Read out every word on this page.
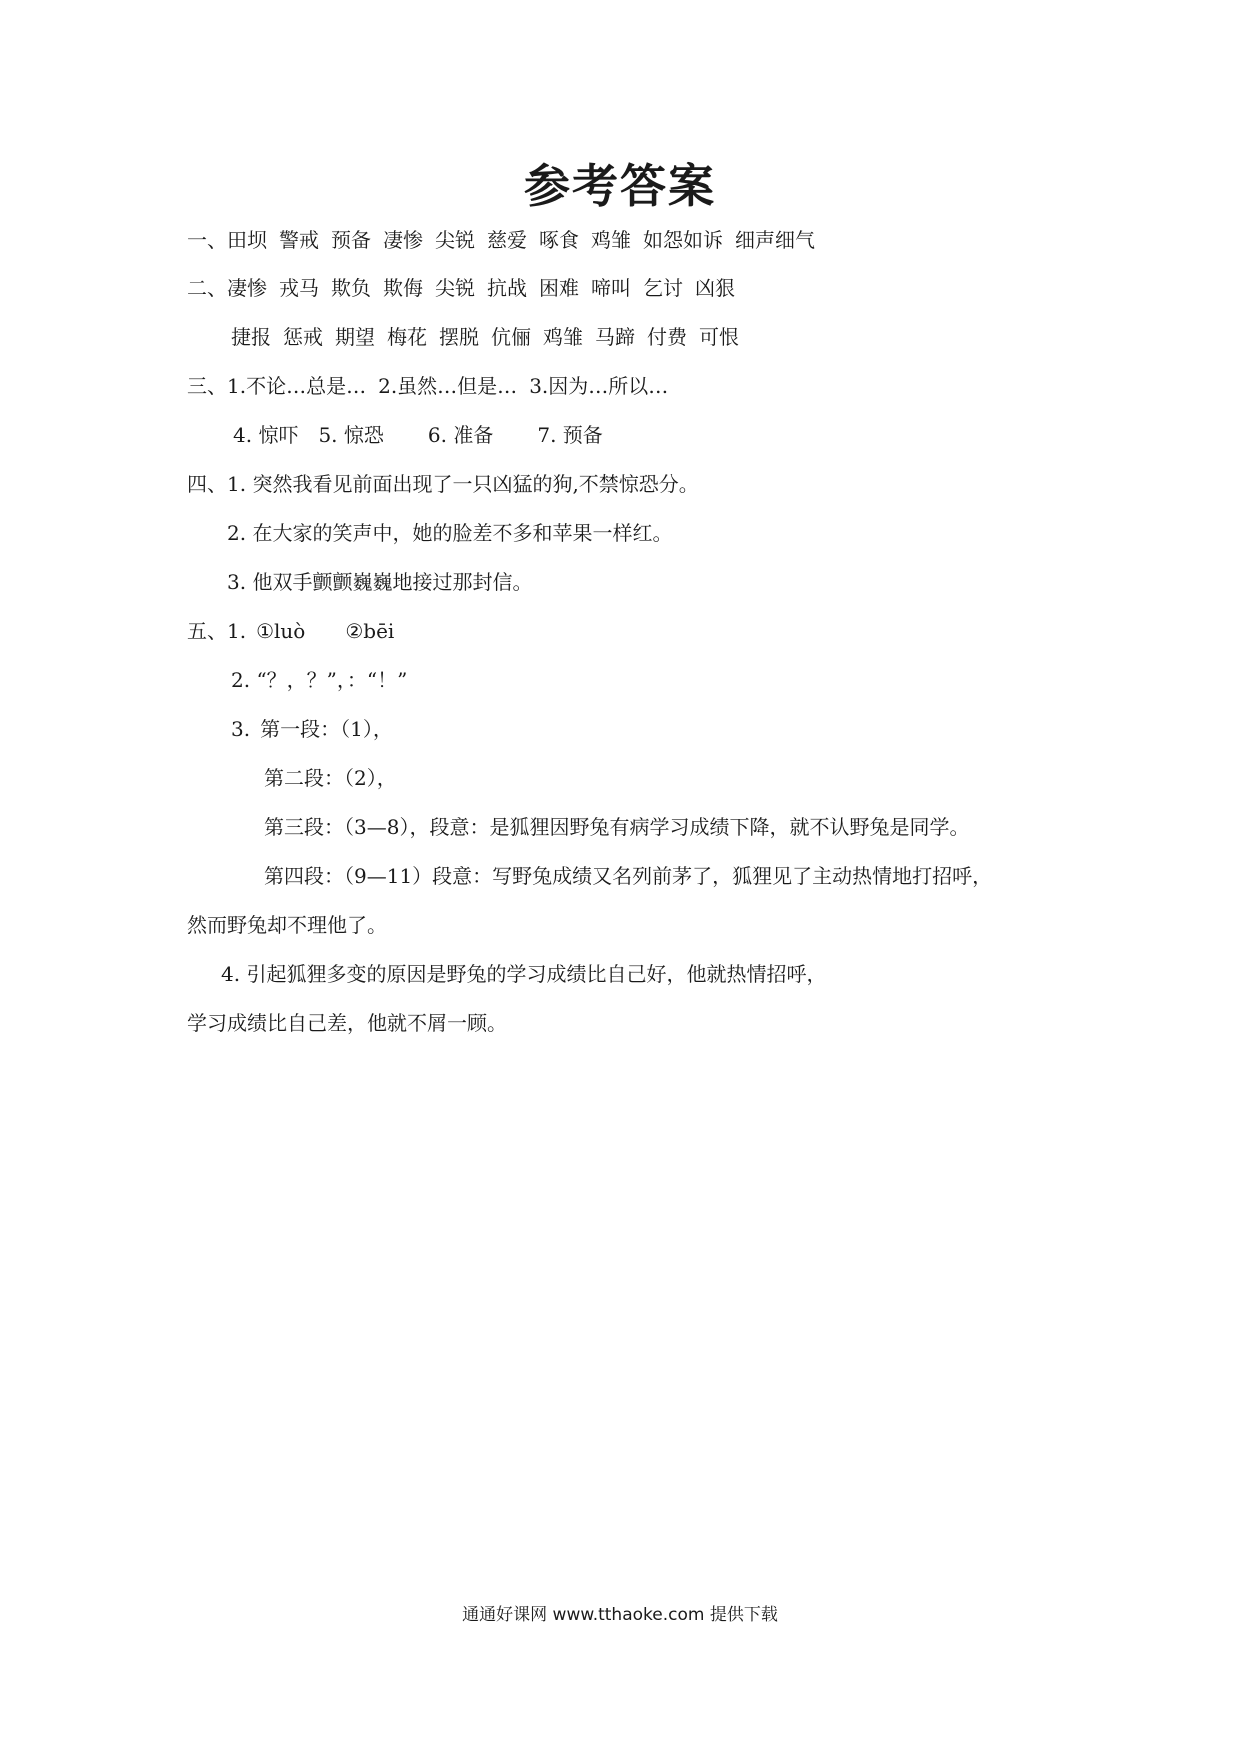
参考答案

一、田坝 警戒 预备 凄惨 尖锐 慈爱 啄食 鸡雏 如怨如诉 细声细气

二、凄惨 戎马 欺负 欺侮 尖锐 抗战 困难 啼叫 乞讨 凶狠

捷报 惩戒 期望 梅花 摆脱 伉俪 鸡雏 马蹄 付费 可恨

三、1.不论…总是… 2.虽然…但是… 3.因为…所以…

4. 惊吓 5. 惊恐 6. 准备 7. 预备

四、1. 突然我看见前面出现了一只凶猛的狗,不禁惊恐分。

2. 在大家的笑声中，她的脸差不多和苹果一样红。

3. 他双手颤颤巍巍地接过那封信。

五、1. ①luò ②bēi

2. “？，？”，：“！”

3. 第一段：（1），

第二段：（2），

第三段：（3—8），段意：是狐狸因野兔有病学习成绩下降，就不认野兔是同学。

第四段：（9—11）段意：写野兔成绩又名列前茅了，狐狸见了主动热情地打招呼，

然而野兔却不理他了。

4. 引起狐狸多变的原因是野兔的学习成绩比自己好，他就热情招呼，

学习成绩比自己差，他就不屑一顾。

通通好课网 www.tthaoke.com 提供下载
